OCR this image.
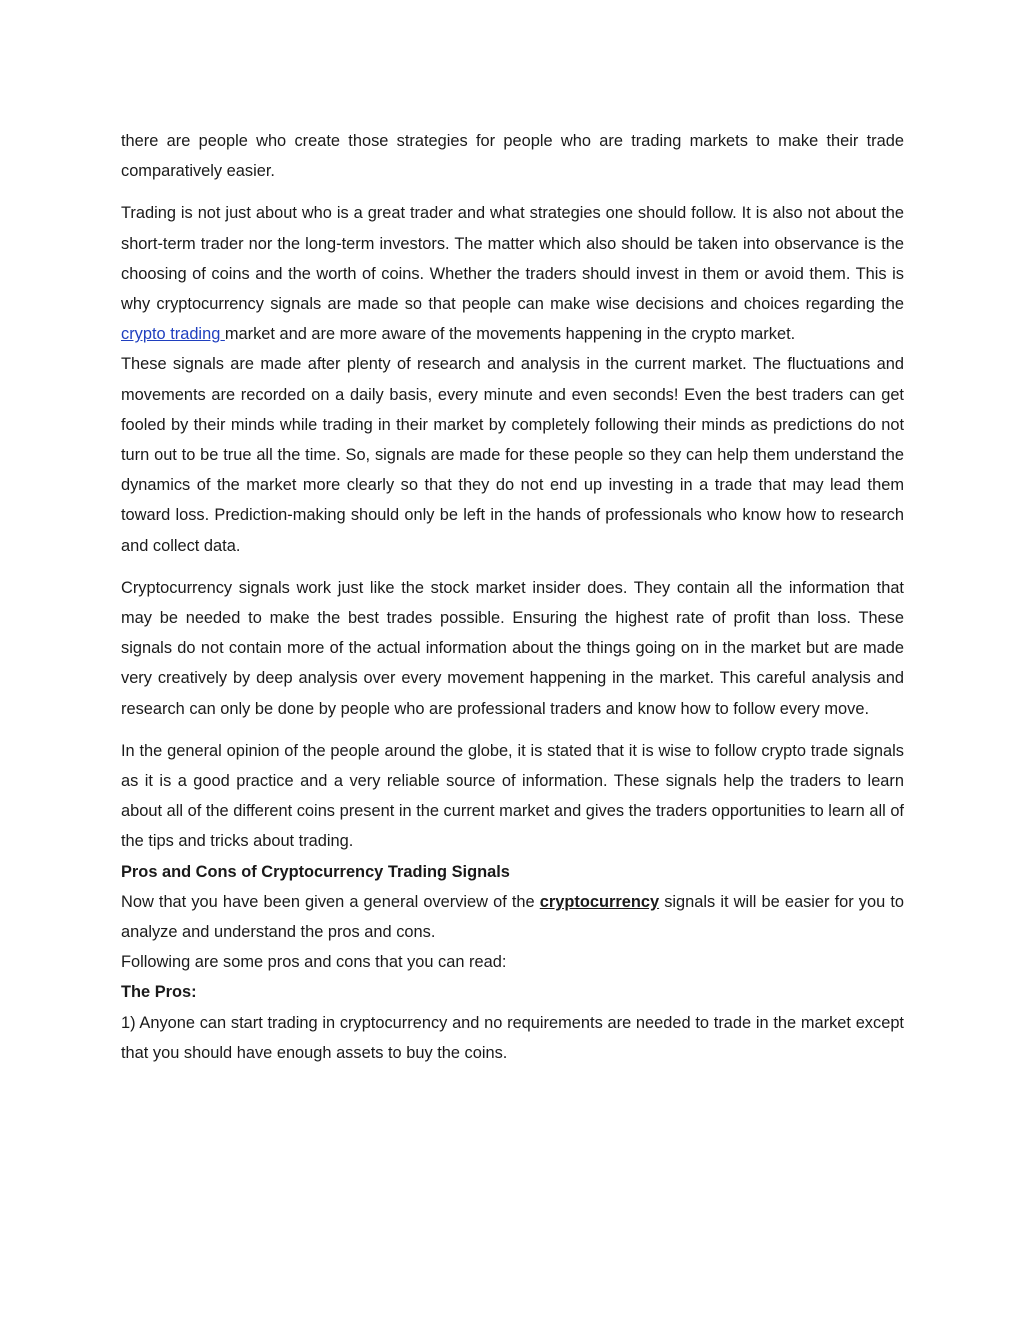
there are people who create those strategies for people who are trading markets to make their trade comparatively easier.

Trading is not just about who is a great trader and what strategies one should follow. It is also not about the short-term trader nor the long-term investors. The matter which also should be taken into observance is the choosing of coins and the worth of coins. Whether the traders should invest in them or avoid them. This is why cryptocurrency signals are made so that people can make wise decisions and choices regarding the crypto trading market and are more aware of the movements happening in the crypto market.

These signals are made after plenty of research and analysis in the current market. The fluctuations and movements are recorded on a daily basis, every minute and even seconds! Even the best traders can get fooled by their minds while trading in their market by completely following their minds as predictions do not turn out to be true all the time. So, signals are made for these people so they can help them understand the dynamics of the market more clearly so that they do not end up investing in a trade that may lead them toward loss. Prediction-making should only be left in the hands of professionals who know how to research and collect data.

Cryptocurrency signals work just like the stock market insider does. They contain all the information that may be needed to make the best trades possible. Ensuring the highest rate of profit than loss. These signals do not contain more of the actual information about the things going on in the market but are made very creatively by deep analysis over every movement happening in the market. This careful analysis and research can only be done by people who are professional traders and know how to follow every move.

In the general opinion of the people around the globe, it is stated that it is wise to follow crypto trade signals as it is a good practice and a very reliable source of information. These signals help the traders to learn about all of the different coins present in the current market and gives the traders opportunities to learn all of the tips and tricks about trading.

Pros and Cons of Cryptocurrency Trading Signals

Now that you have been given a general overview of the cryptocurrency signals it will be easier for you to analyze and understand the pros and cons.

Following are some pros and cons that you can read:

The Pros:

1) Anyone can start trading in cryptocurrency and no requirements are needed to trade in the market except that you should have enough assets to buy the coins.
